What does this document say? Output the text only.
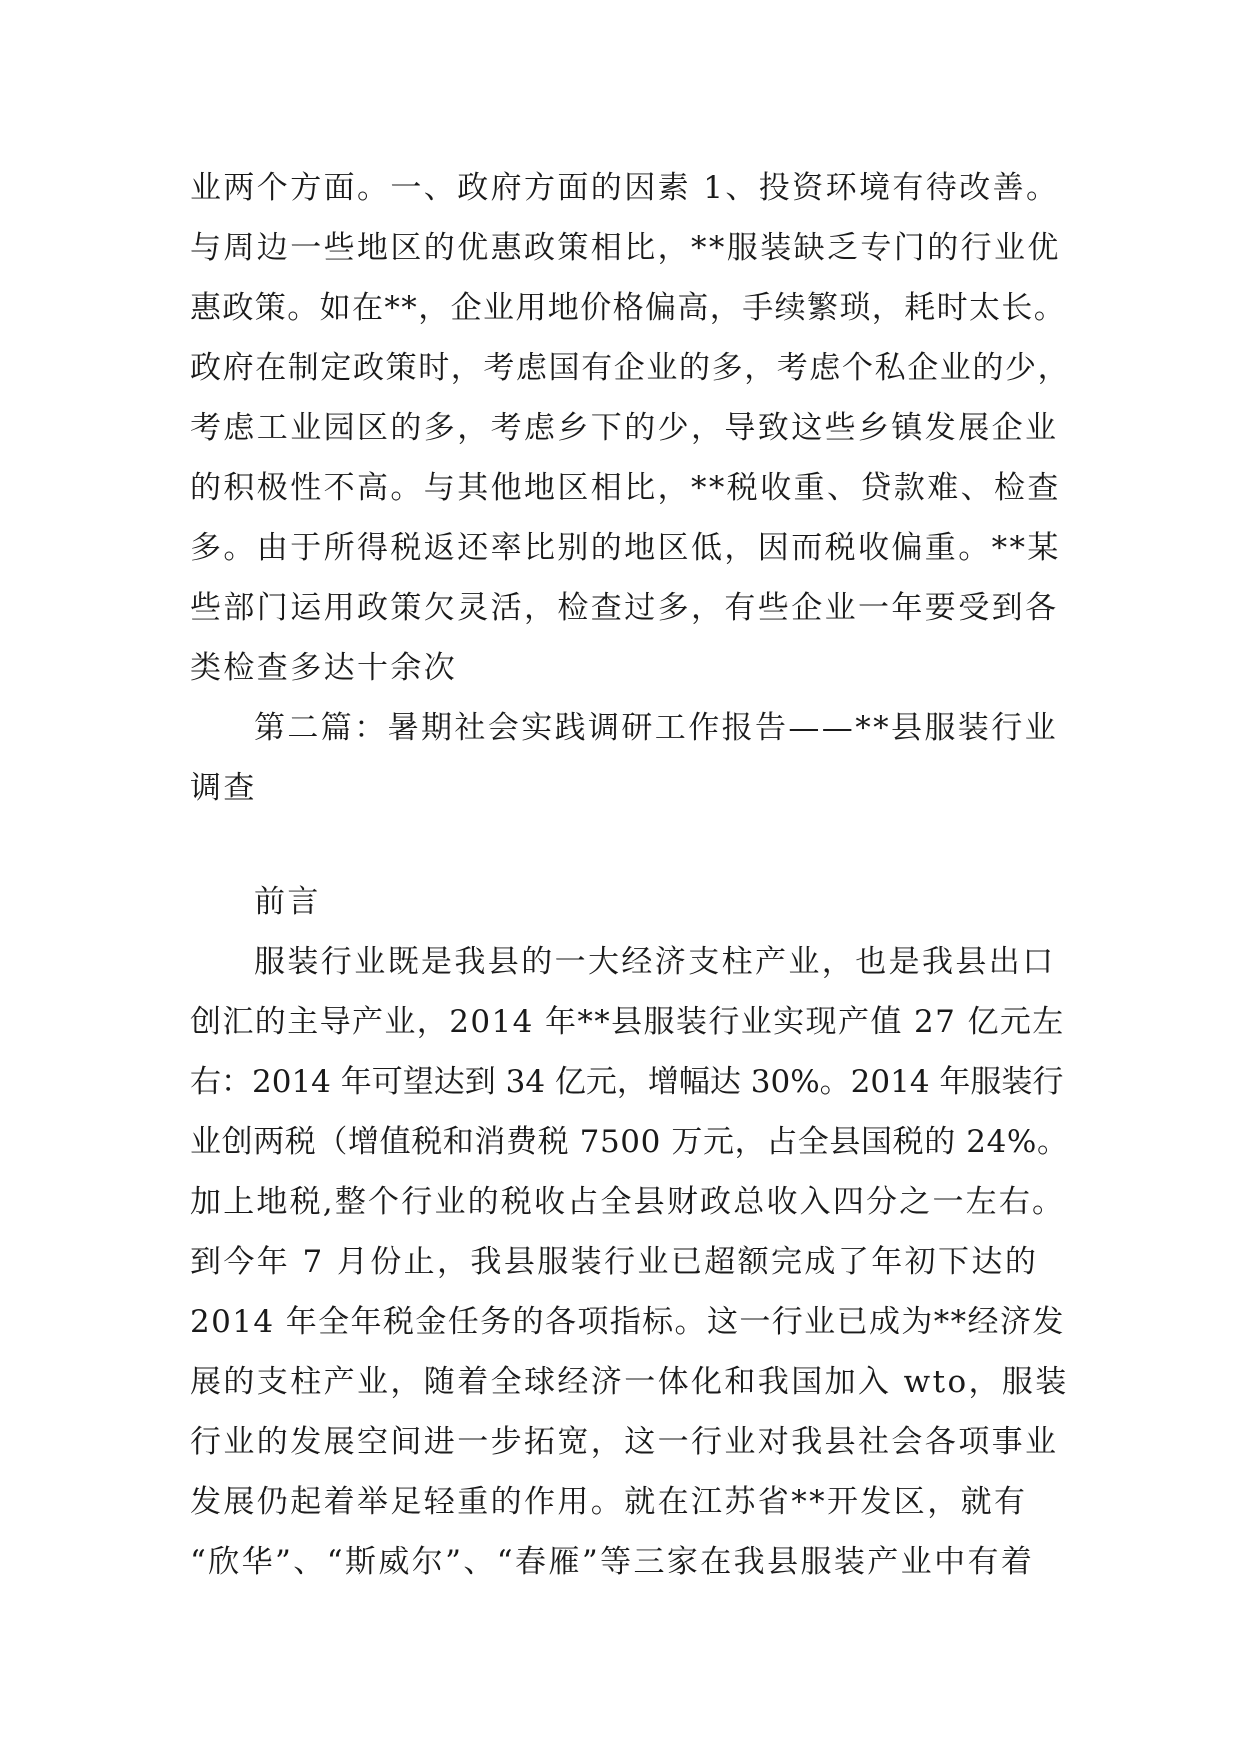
业两个方面。一、政府方面的因素 1、投资环境有待改善。
与周边一些地区的优惠政策相比，**服装缺乏专门的行业优
惠政策。如在**，企业用地价格偏高，手续繁琐，耗时太长。
政府在制定政策时，考虑国有企业的多，考虑个私企业的少，
考虑工业园区的多，考虑乡下的少，导致这些乡镇发展企业
的积极性不高。与其他地区相比，**税收重、贷款难、检查
多。由于所得税返还率比别的地区低，因而税收偏重。**某
些部门运用政策欠灵活，检查过多，有些企业一年要受到各
类检查多达十余次
第二篇：暑期社会实践调研工作报告——**县服装行业
调查
前言
服装行业既是我县的一大经济支柱产业，也是我县出口
创汇的主导产业，2014 年**县服装行业实现产值 27 亿元左
右：2014 年可望达到 34 亿元，增幅达 30%。2014 年服装行
业创两税（增值税和消费税 7500 万元，占全县国税的 24%。
加上地税,整个行业的税收占全县财政总收入四分之一左右。
到今年 7 月份止，我县服装行业已超额完成了年初下达的
2014 年全年税金任务的各项指标。这一行业已成为**经济发
展的支柱产业，随着全球经济一体化和我国加入 wto，服装
行业的发展空间进一步拓宽，这一行业对我县社会各项事业
发展仍起着举足轻重的作用。就在江苏省**开发区，就有
“欣华”、“斯威尔”、“春雁”等三家在我县服装产业中有着
